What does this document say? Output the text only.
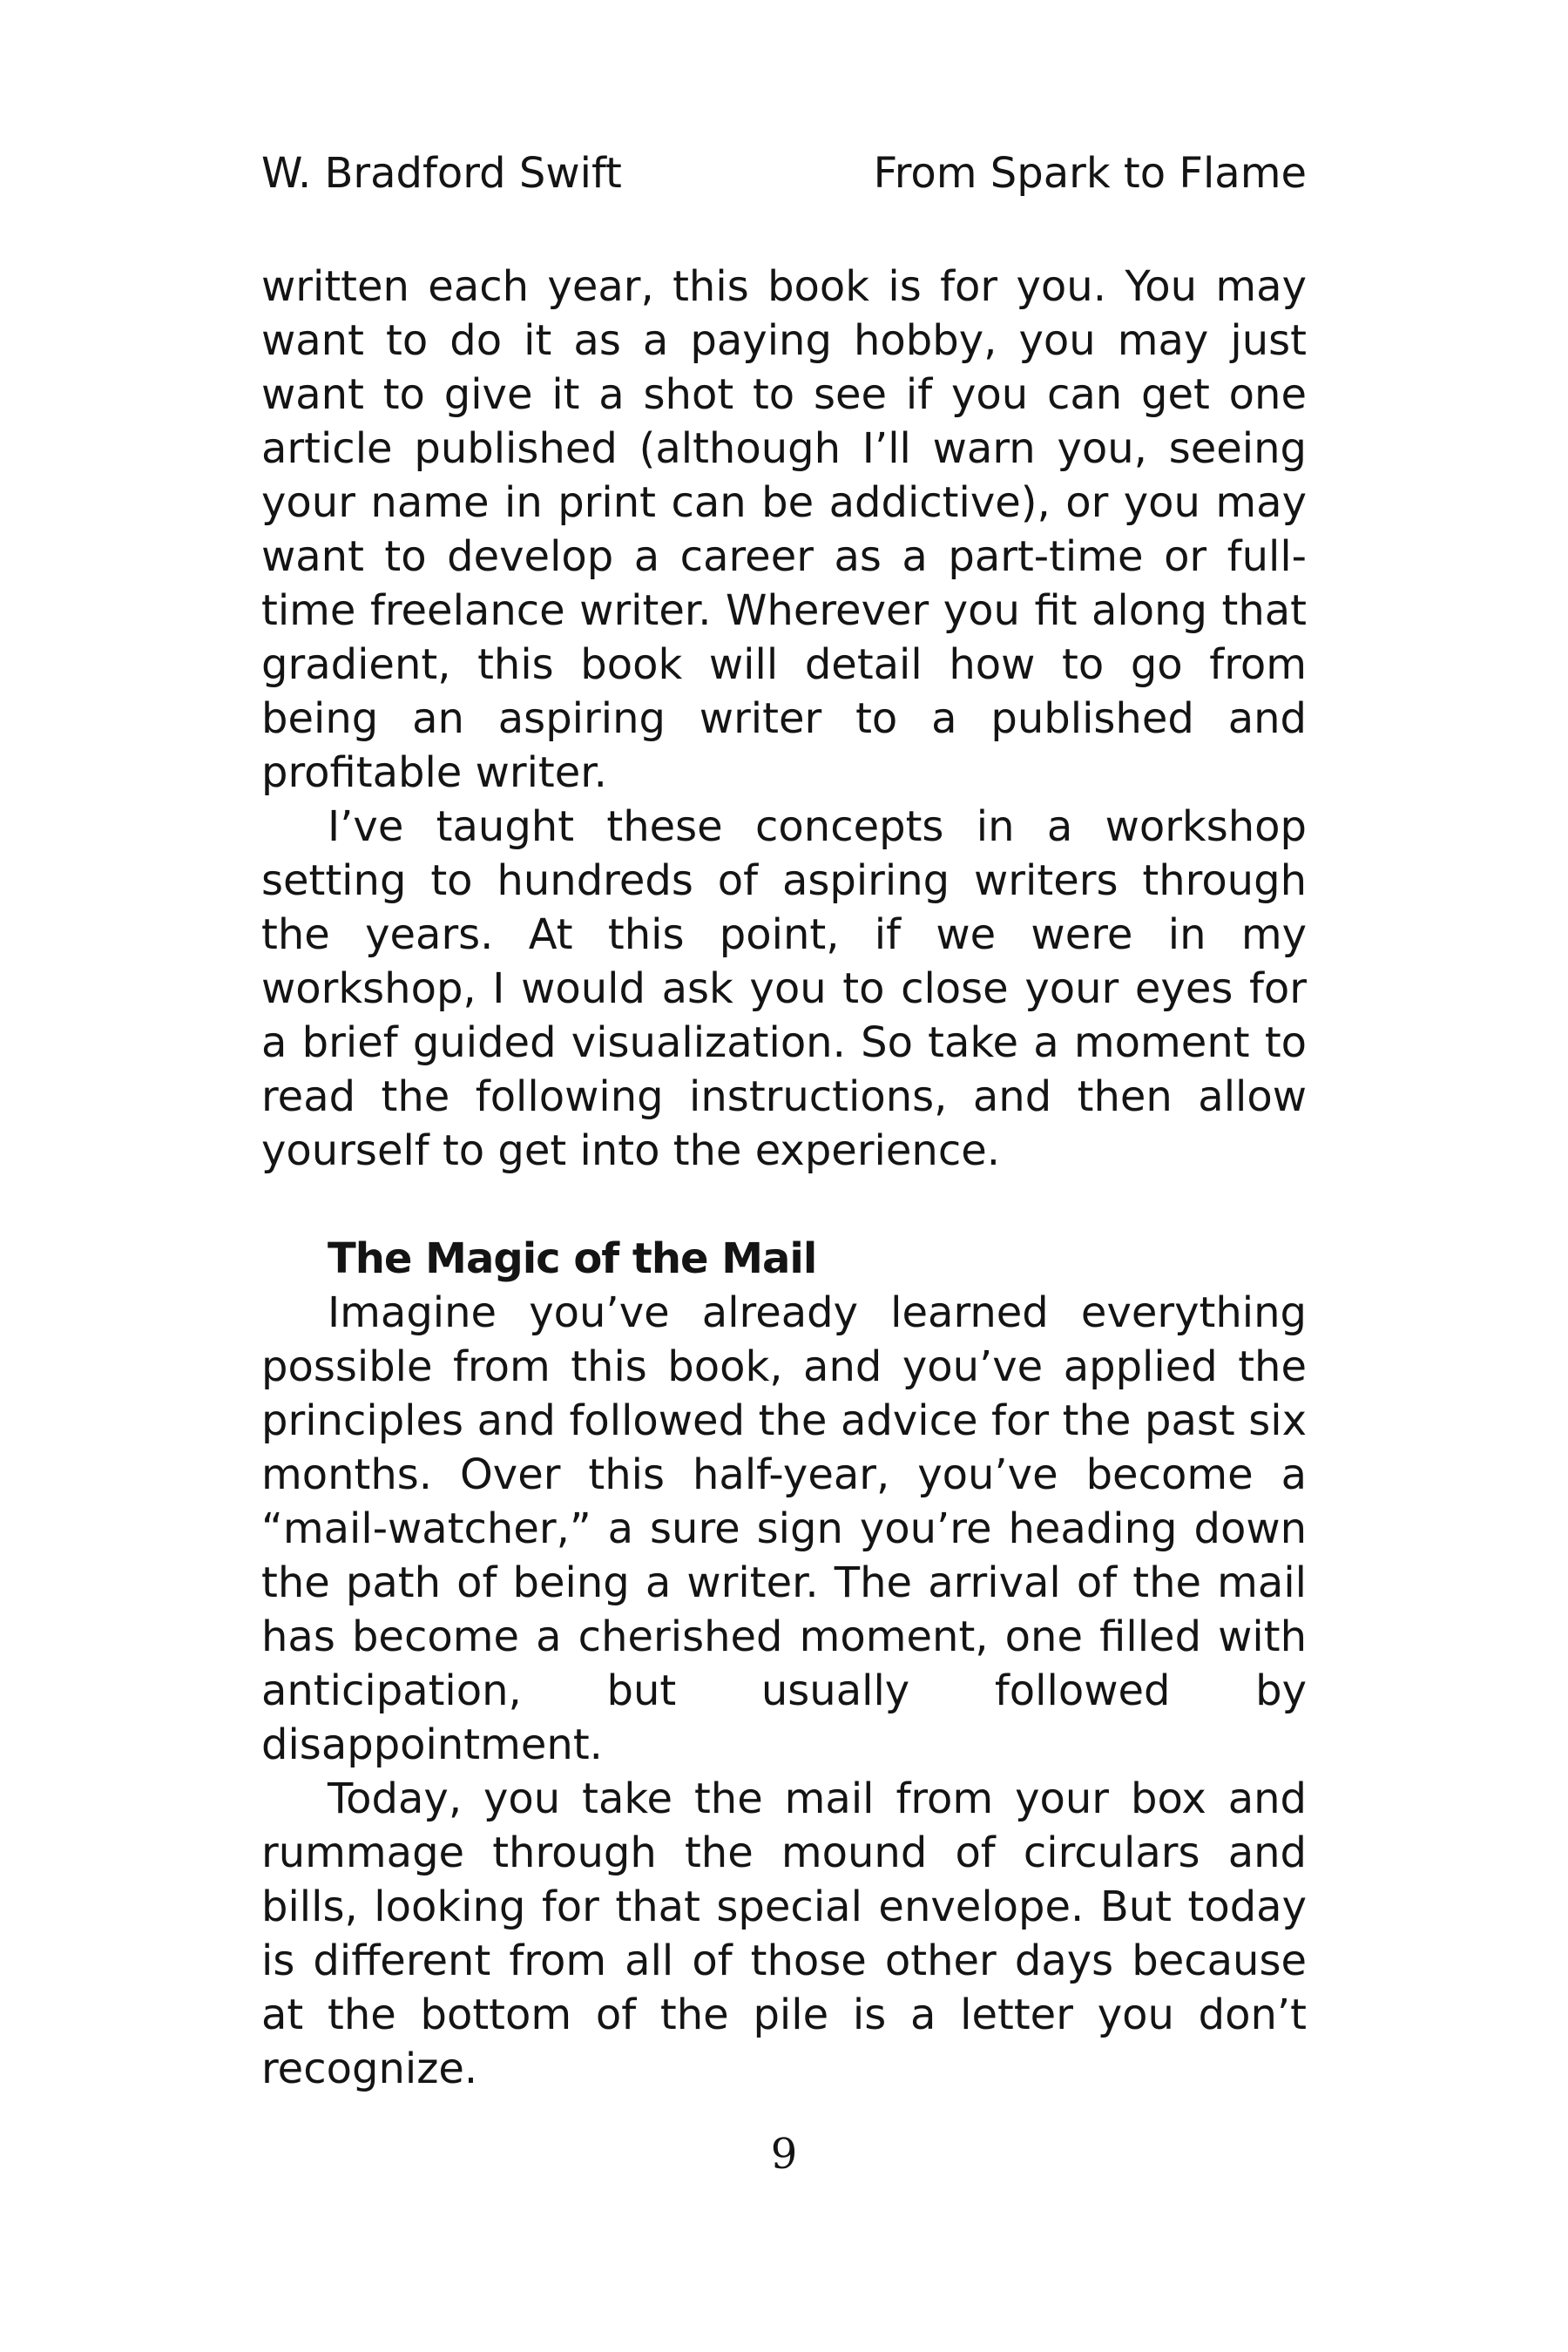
W. Bradford Swift	From Spark to Flame

written each year, this book is for you. You may want to do it as a paying hobby, you may just want to give it a shot to see if you can get one article published (although I’ll warn you, seeing your name in print can be addictive), or you may want to develop a career as a part-time or full-time freelance writer. Wherever you fit along that gradient, this book will detail how to go from being an aspiring writer to a published and profitable writer.

I’ve taught these concepts in a workshop setting to hundreds of aspiring writers through the years. At this point, if we were in my workshop, I would ask you to close your eyes for a brief guided visualization. So take a moment to read the following instructions, and then allow yourself to get into the experience.

The Magic of the Mail

Imagine you’ve already learned everything possible from this book, and you’ve applied the principles and followed the advice for the past six months. Over this half-year, you’ve become a “mail-watcher,” a sure sign you’re heading down the path of being a writer. The arrival of the mail has become a cherished moment, one filled with anticipation, but usually followed by disappointment.

Today, you take the mail from your box and rummage through the mound of circulars and bills, looking for that special envelope. But today is different from all of those other days because at the bottom of the pile is a letter you don’t recognize.

9
